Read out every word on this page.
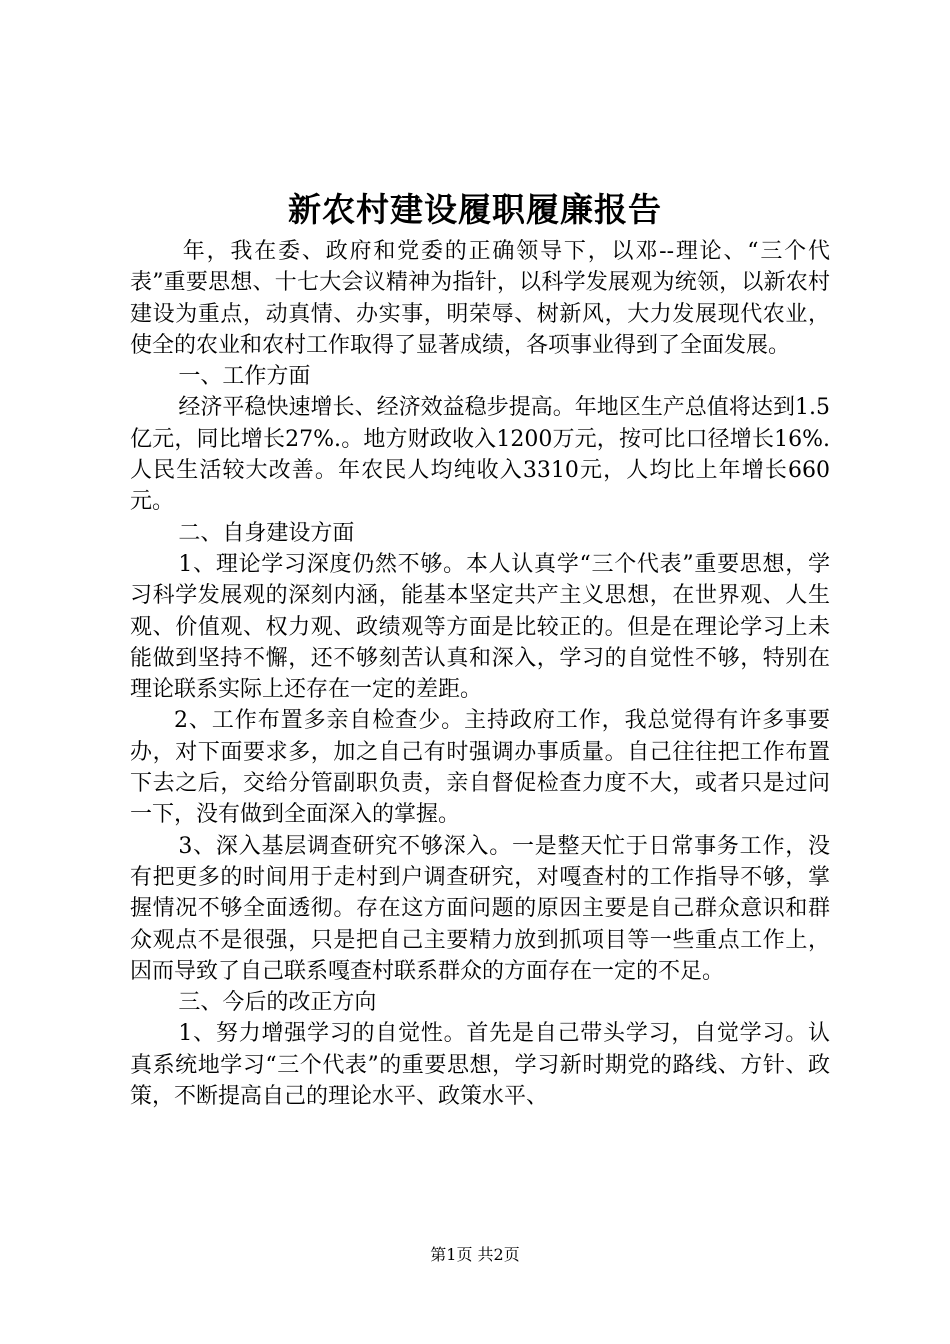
新农村建设履职履廉报告

年，我在委、政府和党委的正确领导下，以邓--理论、“三个代表”重要思想、十七大会议精神为指针，以科学发展观为统领，以新农村建设为重点，动真情、办实事，明荣辱、树新风，大力发展现代农业，使全的农业和农村工作取得了显著成绩，各项事业得到了全面发展。

一、工作方面

经济平稳快速增长、经济效益稳步提高。年地区生产总值将达到1.5亿元，同比增长27%.。地方财政收入1200万元，按可比口径增长16%.人民生活较大改善。年农民人均纯收入3310元，人均比上年增长660元。

二、自身建设方面

1、理论学习深度仍然不够。本人认真学“三个代表”重要思想，学习科学发展观的深刻内涵，能基本坚定共产主义思想，在世界观、人生观、价值观、权力观、政绩观等方面是比较正的。但是在理论学习上未能做到坚持不懈，还不够刻苦认真和深入，学习的自觉性不够，特别在理论联系实际上还存在一定的差距。

2、工作布置多亲自检查少。主持政府工作，我总觉得有许多事要办，对下面要求多，加之自己有时强调办事质量。自己往往把工作布置下去之后，交给分管副职负责，亲自督促检查力度不大，或者只是过问一下，没有做到全面深入的掌握。

3、深入基层调查研究不够深入。一是整天忙于日常事务工作，没有把更多的时间用于走村到户调查研究，对嘎查村的工作指导不够，掌握情况不够全面透彻。存在这方面问题的原因主要是自己群众意识和群众观点不是很强，只是把自己主要精力放到抓项目等一些重点工作上，因而导致了自己联系嘎查村联系群众的方面存在一定的不足。

三、今后的改正方向

1、努力增强学习的自觉性。首先是自己带头学习，自觉学习。认真系统地学习“三个代表”的重要思想，学习新时期党的路线、方针、政策，不断提高自己的理论水平、政策水平、

第1页 共2页
